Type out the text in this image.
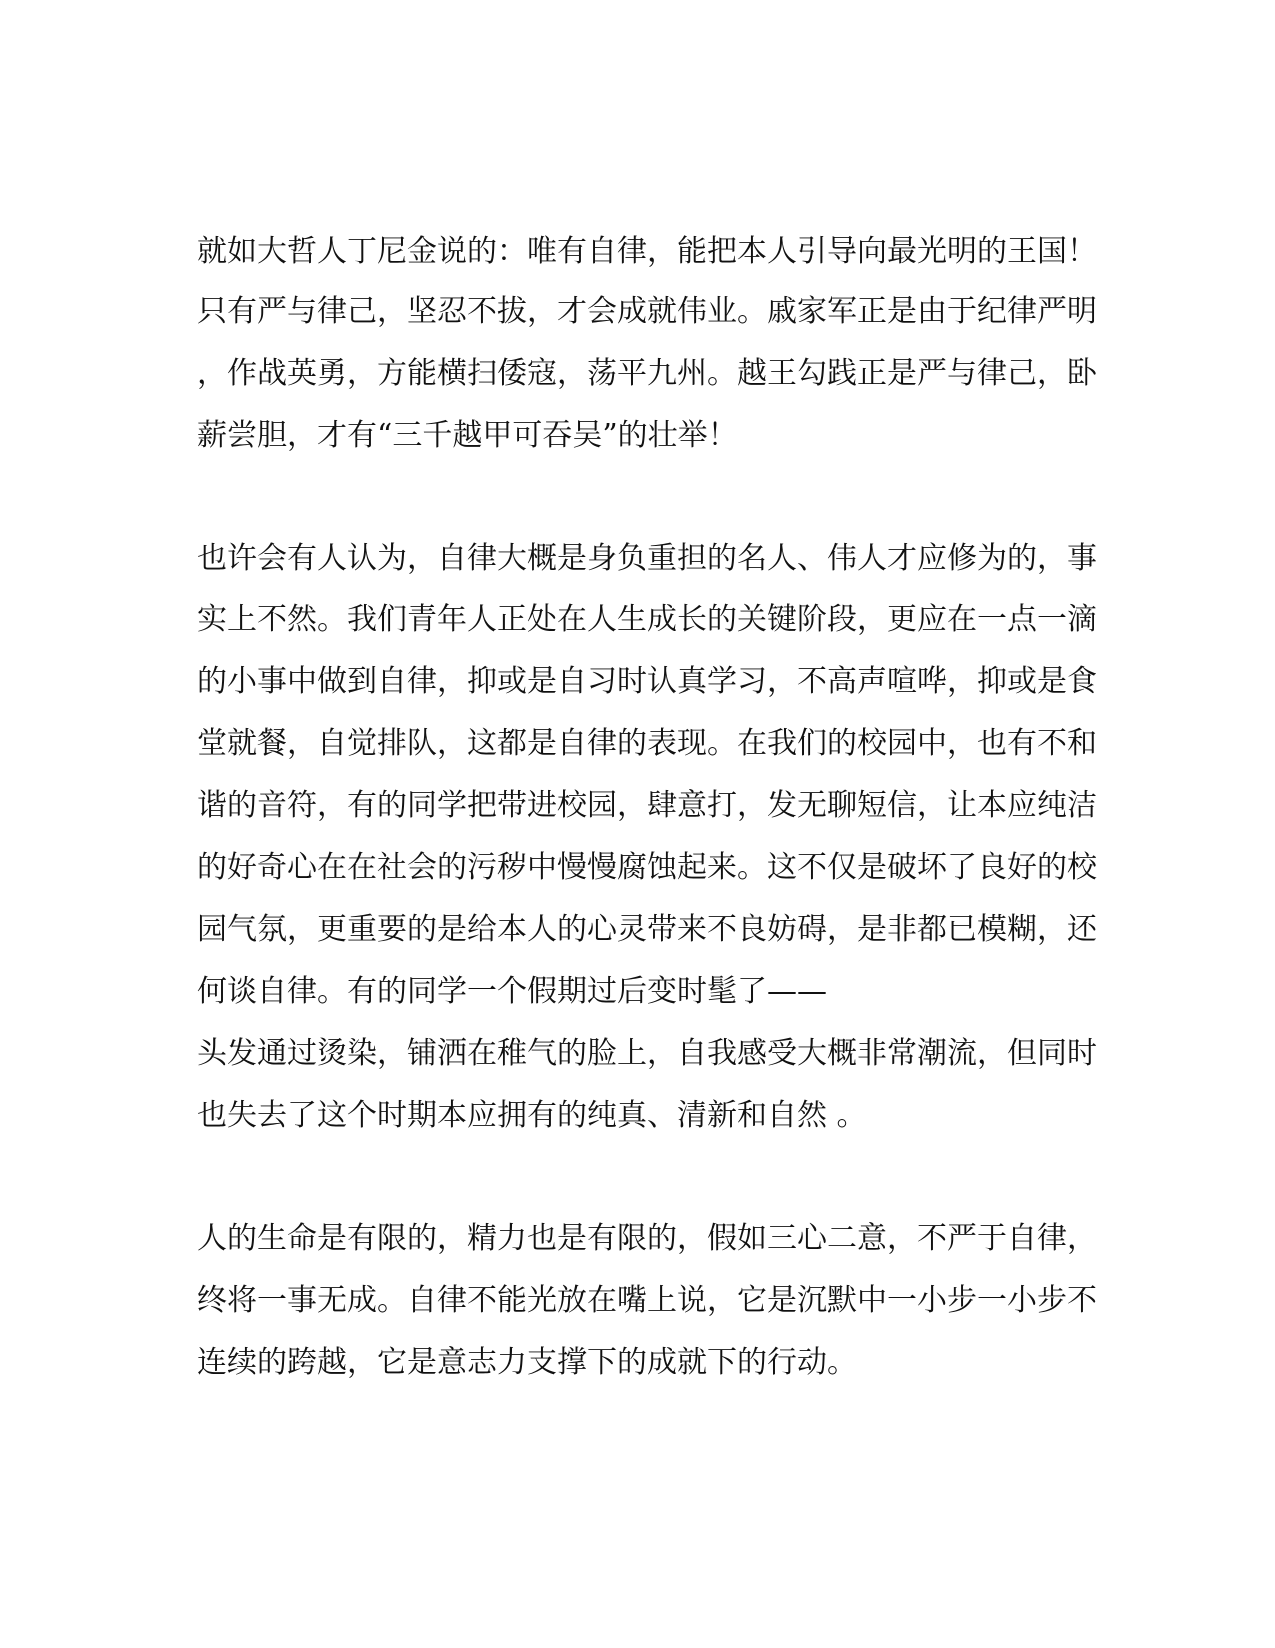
就如大哲人丁尼金说的：唯有自律，能把本人引导向最光明的王国！
只有严与律己，坚忍不拔，才会成就伟业。戚家军正是由于纪律严明
，作战英勇，方能横扫倭寇，荡平九州。越王勾践正是严与律己，卧
薪尝胆，才有“三千越甲可吞吴”的壮举！
也许会有人认为，自律大概是身负重担的名人、伟人才应修为的，事
实上不然。我们青年人正处在人生成长的关键阶段，更应在一点一滴
的小事中做到自律，抑或是自习时认真学习，不高声喧哗，抑或是食
堂就餐，自觉排队，这都是自律的表现。在我们的校园中，也有不和
谐的音符，有的同学把带进校园，肆意打，发无聊短信，让本应纯洁
的好奇心在在社会的污秽中慢慢腐蚀起来。这不仅是破坏了良好的校
园气氛，更重要的是给本人的心灵带来不良妨碍，是非都已模糊，还
何谈自律。有的同学一个假期过后变时髦了——
头发通过烫染，铺洒在稚气的脸上，自我感受大概非常潮流，但同时
也失去了这个时期本应拥有的纯真、清新和自然 。
人的生命是有限的，精力也是有限的，假如三心二意，不严于自律，
终将一事无成。自律不能光放在嘴上说，它是沉默中一小步一小步不
连续的跨越，它是意志力支撑下的成就下的行动。
